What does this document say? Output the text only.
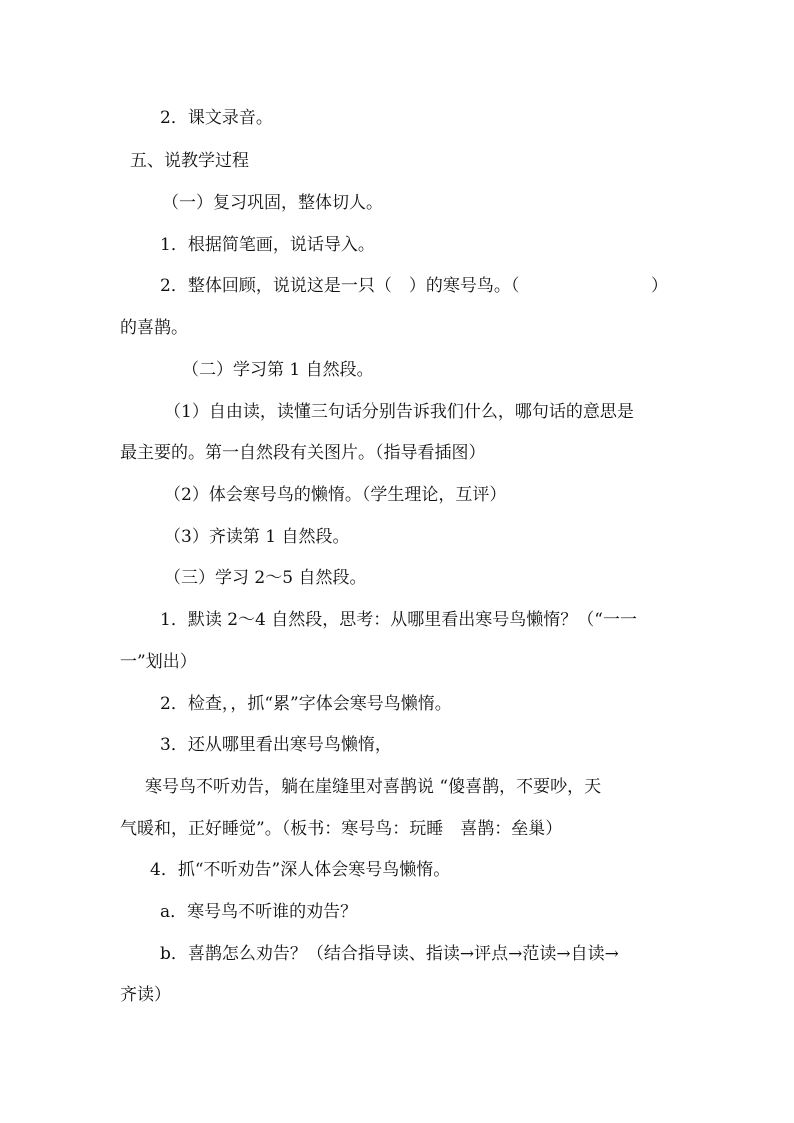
2．课文录音。
五、说教学过程
（一）复习巩固，整体切人。
1．根据简笔画，说话导入。
2．整体回顾，说说这是一只（　）的寒号鸟。（	）
的喜鹊。
（二）学习第 1 自然段。
（1）自由读，读懂三句话分别告诉我们什么，哪句话的意思是
最主要的。第一自然段有关图片。（指导看插图）
（2）体会寒号鸟的懒惰。（学生理论，互评）
（3）齐读第 1 自然段。
（三）学习 2～5 自然段。
1．默读 2～4 自然段，思考：从哪里看出寒号鸟懒惰？（“一一
一”划出）
2．检查，，抓“累”字体会寒号鸟懒惰。
3．还从哪里看出寒号鸟懒惰，
寒号鸟不听劝告，躺在崖缝里对喜鹊说 “傻喜鹊，不要吵，天
气暖和，正好睡觉”。（板书：寒号鸟：玩睡　喜鹊：垒巢）
4．抓“不听劝告”深人体会寒号鸟懒惰。
a．寒号鸟不听谁的劝告？
b．喜鹊怎么劝告？（结合指导读、指读→评点→范读→自读→
齐读）
